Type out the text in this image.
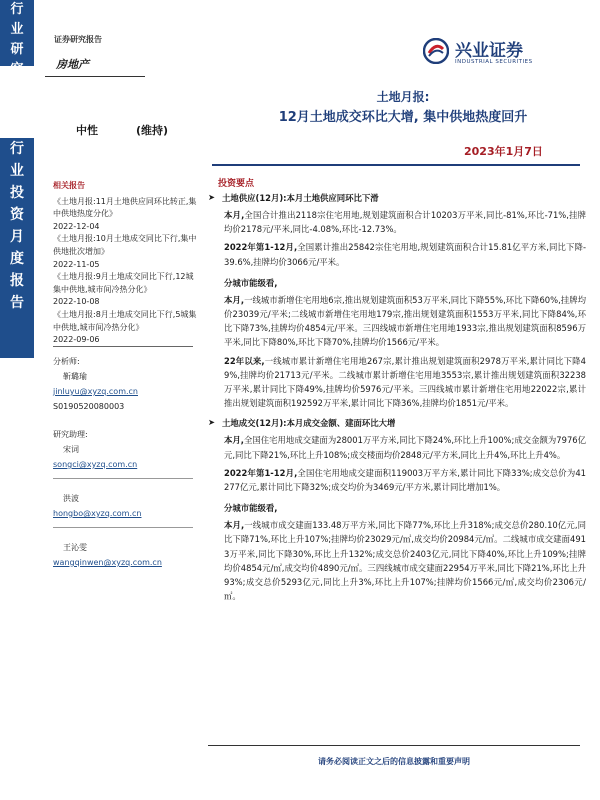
行
业
研
究
行
业
投
资
月
度
报
告
证券研究报告
房地产
兴业证券
INDUSTRIAL SECURITIES
土地月报:
12月土地成交环比大增, 集中供地热度回升
中性	(维持)
2023年1月7日
相关报告
《土地月报:11月土地供应同环比转正,集中供地热度分化》
2022-12-04
《土地月报:10月土地成交同比下行,集中供地批次增加》
2022-11-05
《土地月报:9月土地成交同比下行,12城集中供地,城市间冷热分化》
2022-10-08
《土地月报:8月土地成交同比下行,5城集中供地,城市间冷热分化》
2022-09-06
分析师:
靳璐瑜
jinluyu@xyzq.com.cn
S0190520080003
研究助理:
宋词
songci@xyzq.com.cn
洪波
hongbo@xyzq.com.cn
王沁雯
wangqinwen@xyzq.com.cn
投资要点
➤ 土地供应(12月):本月土地供应同环比下滑

本月,全国合计推出2118宗住宅用地,规划建筑面积合计10203万平米,同比-81%,环比-71%,挂牌均价2178元/平米,同比-4.08%,环比-12.73%。

2022年第1-12月,全国累计推出25842宗住宅用地,规划建筑面积合计15.81亿平方米,同比下降-39.6%,挂牌均价3066元/平米。

分城市能级看,

本月,一线城市新增住宅用地6宗,推出规划建筑面积53万平米,同比下降55%,环比下降60%,挂牌均价23039元/平米;二线城市新增住宅用地179宗,推出规划建筑面积1553万平米,同比下降84%,环比下降73%,挂牌均价4854元/平米。三四线城市新增住宅用地1933宗,推出规划建筑面积8596万平米,同比下降80%,环比下降70%,挂牌均价1566元/平米。

22年以来,一线城市累计新增住宅用地267宗,累计推出规划建筑面积2978万平米,累计同比下降49%,挂牌均价21713元/平米。二线城市累计新增住宅用地3553宗,累计推出规划建筑面积32238万平米,累计同比下降49%,挂牌均价5976元/平米。三四线城市累计新增住宅用地22022宗,累计推出规划建筑面积192592万平米,累计同比下降36%,挂牌均价1851元/平米。

➤ 土地成交(12月):本月成交金额、建面环比大增

本月,全国住宅用地成交建面为28001万平方米,同比下降24%,环比上升100%;成交金额为7976亿元,同比下降21%,环比上升108%;成交楼面均价2848元/平方米,同比上升4%,环比上升4%。

2022年第1-12月,全国住宅用地成交建面积119003万平方米,累计同比下降33%;成交总价为41277亿元,累计同比下降32%;成交均价为3469元/平方米,累计同比增加1%。

分城市能级看,

本月,一线城市成交建面133.48万平方米,同比下降77%,环比上升318%;成交总价280.10亿元,同比下降71%,环比上升107%;挂牌均价23029元/㎡,成交均价20984元/㎡。二线城市成交建面4913万平米,同比下降30%,环比上升132%;成交总价2403亿元,同比下降40%,环比上升109%;挂牌均价4854元/㎡,成交均价4890元/㎡。三四线城市成交建面22954万平米,同比下降21%,环比上升93%;成交总价5293亿元,同比上升3%,环比上升107%;挂牌均价1566元/㎡,成交均价2306元/㎡。

请务必阅读正文之后的信息披露和重要声明
